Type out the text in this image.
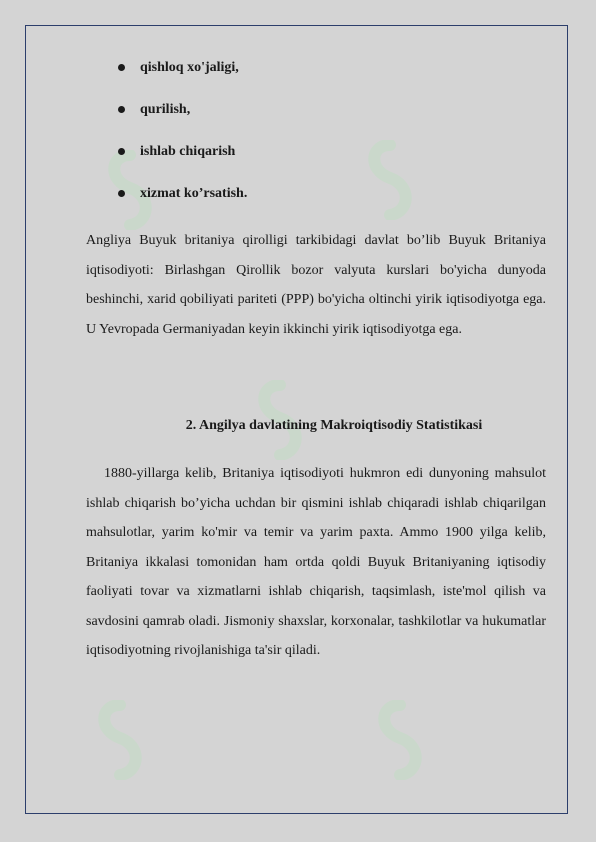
qishloq xo'jaligi,
qurilish,
ishlab chiqarish
xizmat ko’rsatish.

Angliya Buyuk britaniya qirolligi tarkibidagi davlat bo’lib Buyuk Britaniya iqtisodiyoti: Birlashgan Qirollik bozor valyuta kurslari bo'yicha dunyoda beshinchi, xarid qobiliyati pariteti (PPP) bo'yicha oltinchi yirik iqtisodiyotga ega. U Yevropada Germaniyadan keyin ikkinchi yirik iqtisodiyotga ega.

2. Angilya davlatining Makroiqtisodiy Statistikasi

1880-yillarga kelib, Britaniya iqtisodiyoti hukmron edi dunyoning mahsulot ishlab chiqarish bo’yicha uchdan bir qismini ishlab chiqaradi ishlab chiqarilgan mahsulotlar, yarim ko'mir va temir va yarim paxta. Ammo 1900 yilga kelib, Britaniya ikkalasi tomonidan ham ortda qoldi Buyuk Britaniyaning iqtisodiy faoliyati tovar va xizmatlarni ishlab chiqarish, taqsimlash, iste'mol qilish va savdosini qamrab oladi. Jismoniy shaxslar, korxonalar, tashkilotlar va hukumatlar iqtisodiyotning rivojlanishiga ta'sir qiladi.
